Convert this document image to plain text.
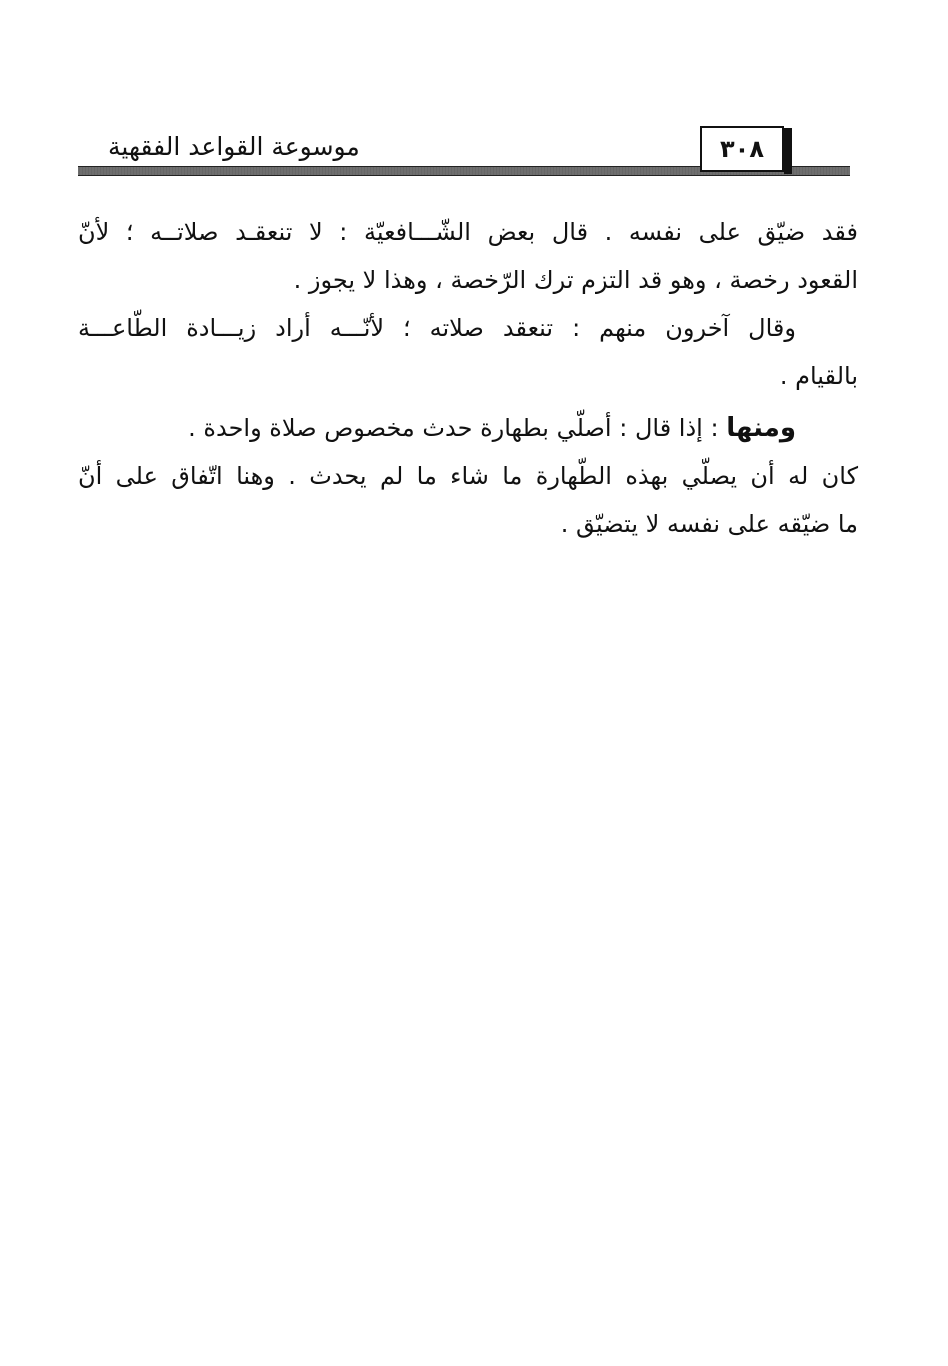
موسوعة القواعد الفقهية	٣٠٨

فقد ضيّق على نفسه . قال بعض الشّـــافعيّة : لا تنعقـد صلاتــه ؛ لأنّ
القعود رخصة ، وهو قد التزم ترك الرّخصة ، وهذا لا يجوز .

وقال آخرون منهم : تنعقد صلاته ؛ لأنّـــه أراد زيـــادة الطّاعـــة
بالقيام .

ومنها : إذا قال : أصلّي بطهارة حدث مخصوص صلاة واحدة .
كان له أن يصلّي بهذه الطّهارة ما شاء ما لم يحدث . وهنا اتّفاق على أنّ
ما ضيّقه على نفسه لا يتضيّق .
